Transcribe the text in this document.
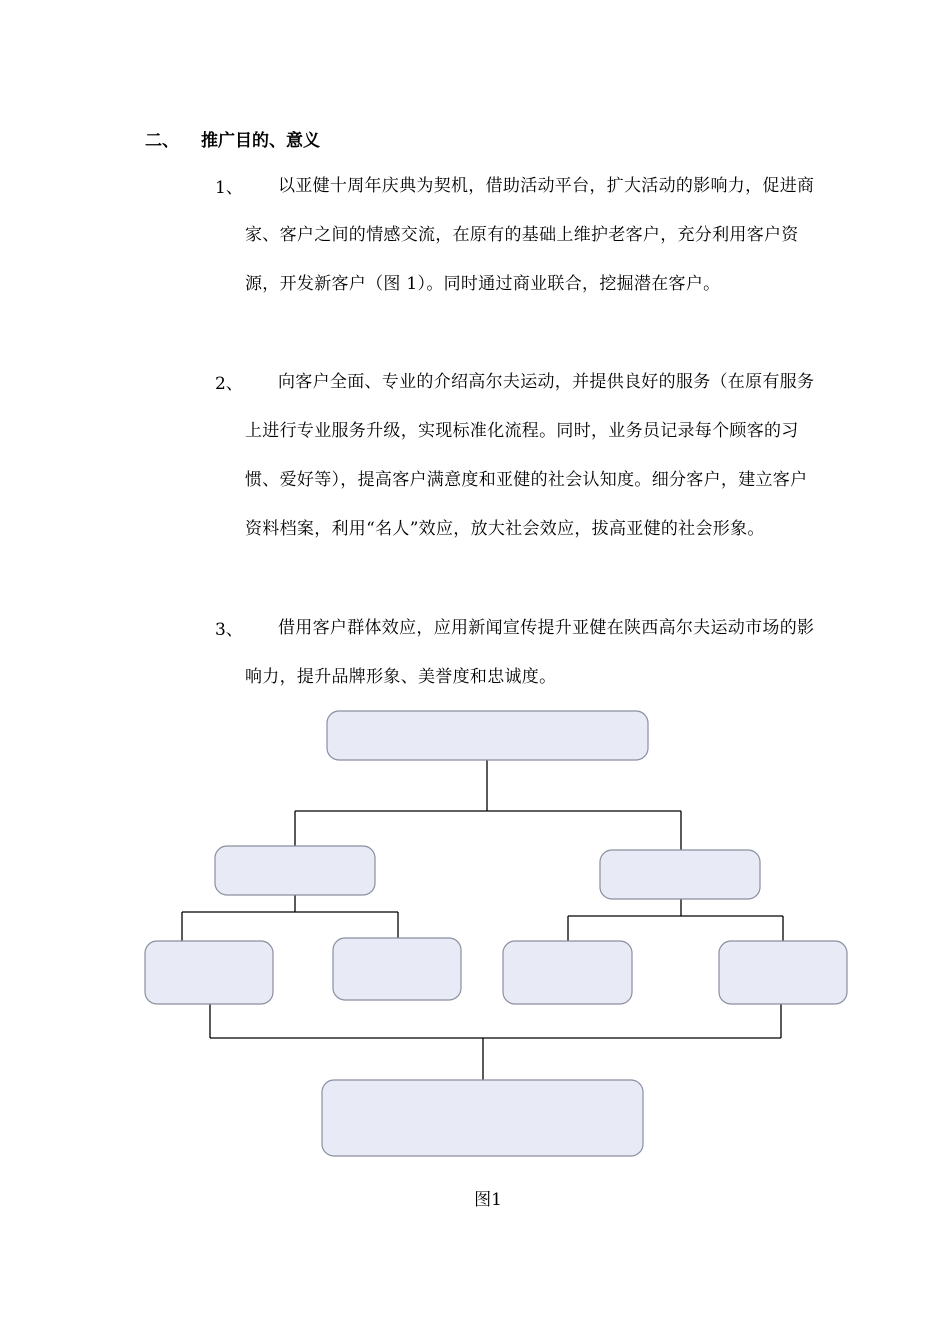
二、 推广目的、意义
1、	以亚健十周年庆典为契机，借助活动平台，扩大活动的影响力，促进商家、客户之间的情感交流，在原有的基础上维护老客户，充分利用客户资源，开发新客户（图 1）。同时通过商业联合，挖掘潜在客户。
2、	向客户全面、专业的介绍高尔夫运动，并提供良好的服务（在原有服务上进行专业服务升级，实现标准化流程。同时，业务员记录每个顾客的习惯、爱好等），提高客户满意度和亚健的社会认知度。细分客户，建立客户资料档案，利用“名人”效应，放大社会效应，拔高亚健的社会形象。
3、	借用客户群体效应，应用新闻宣传提升亚健在陕西高尔夫运动市场的影响力，提升品牌形象、美誉度和忠诚度。
图1
